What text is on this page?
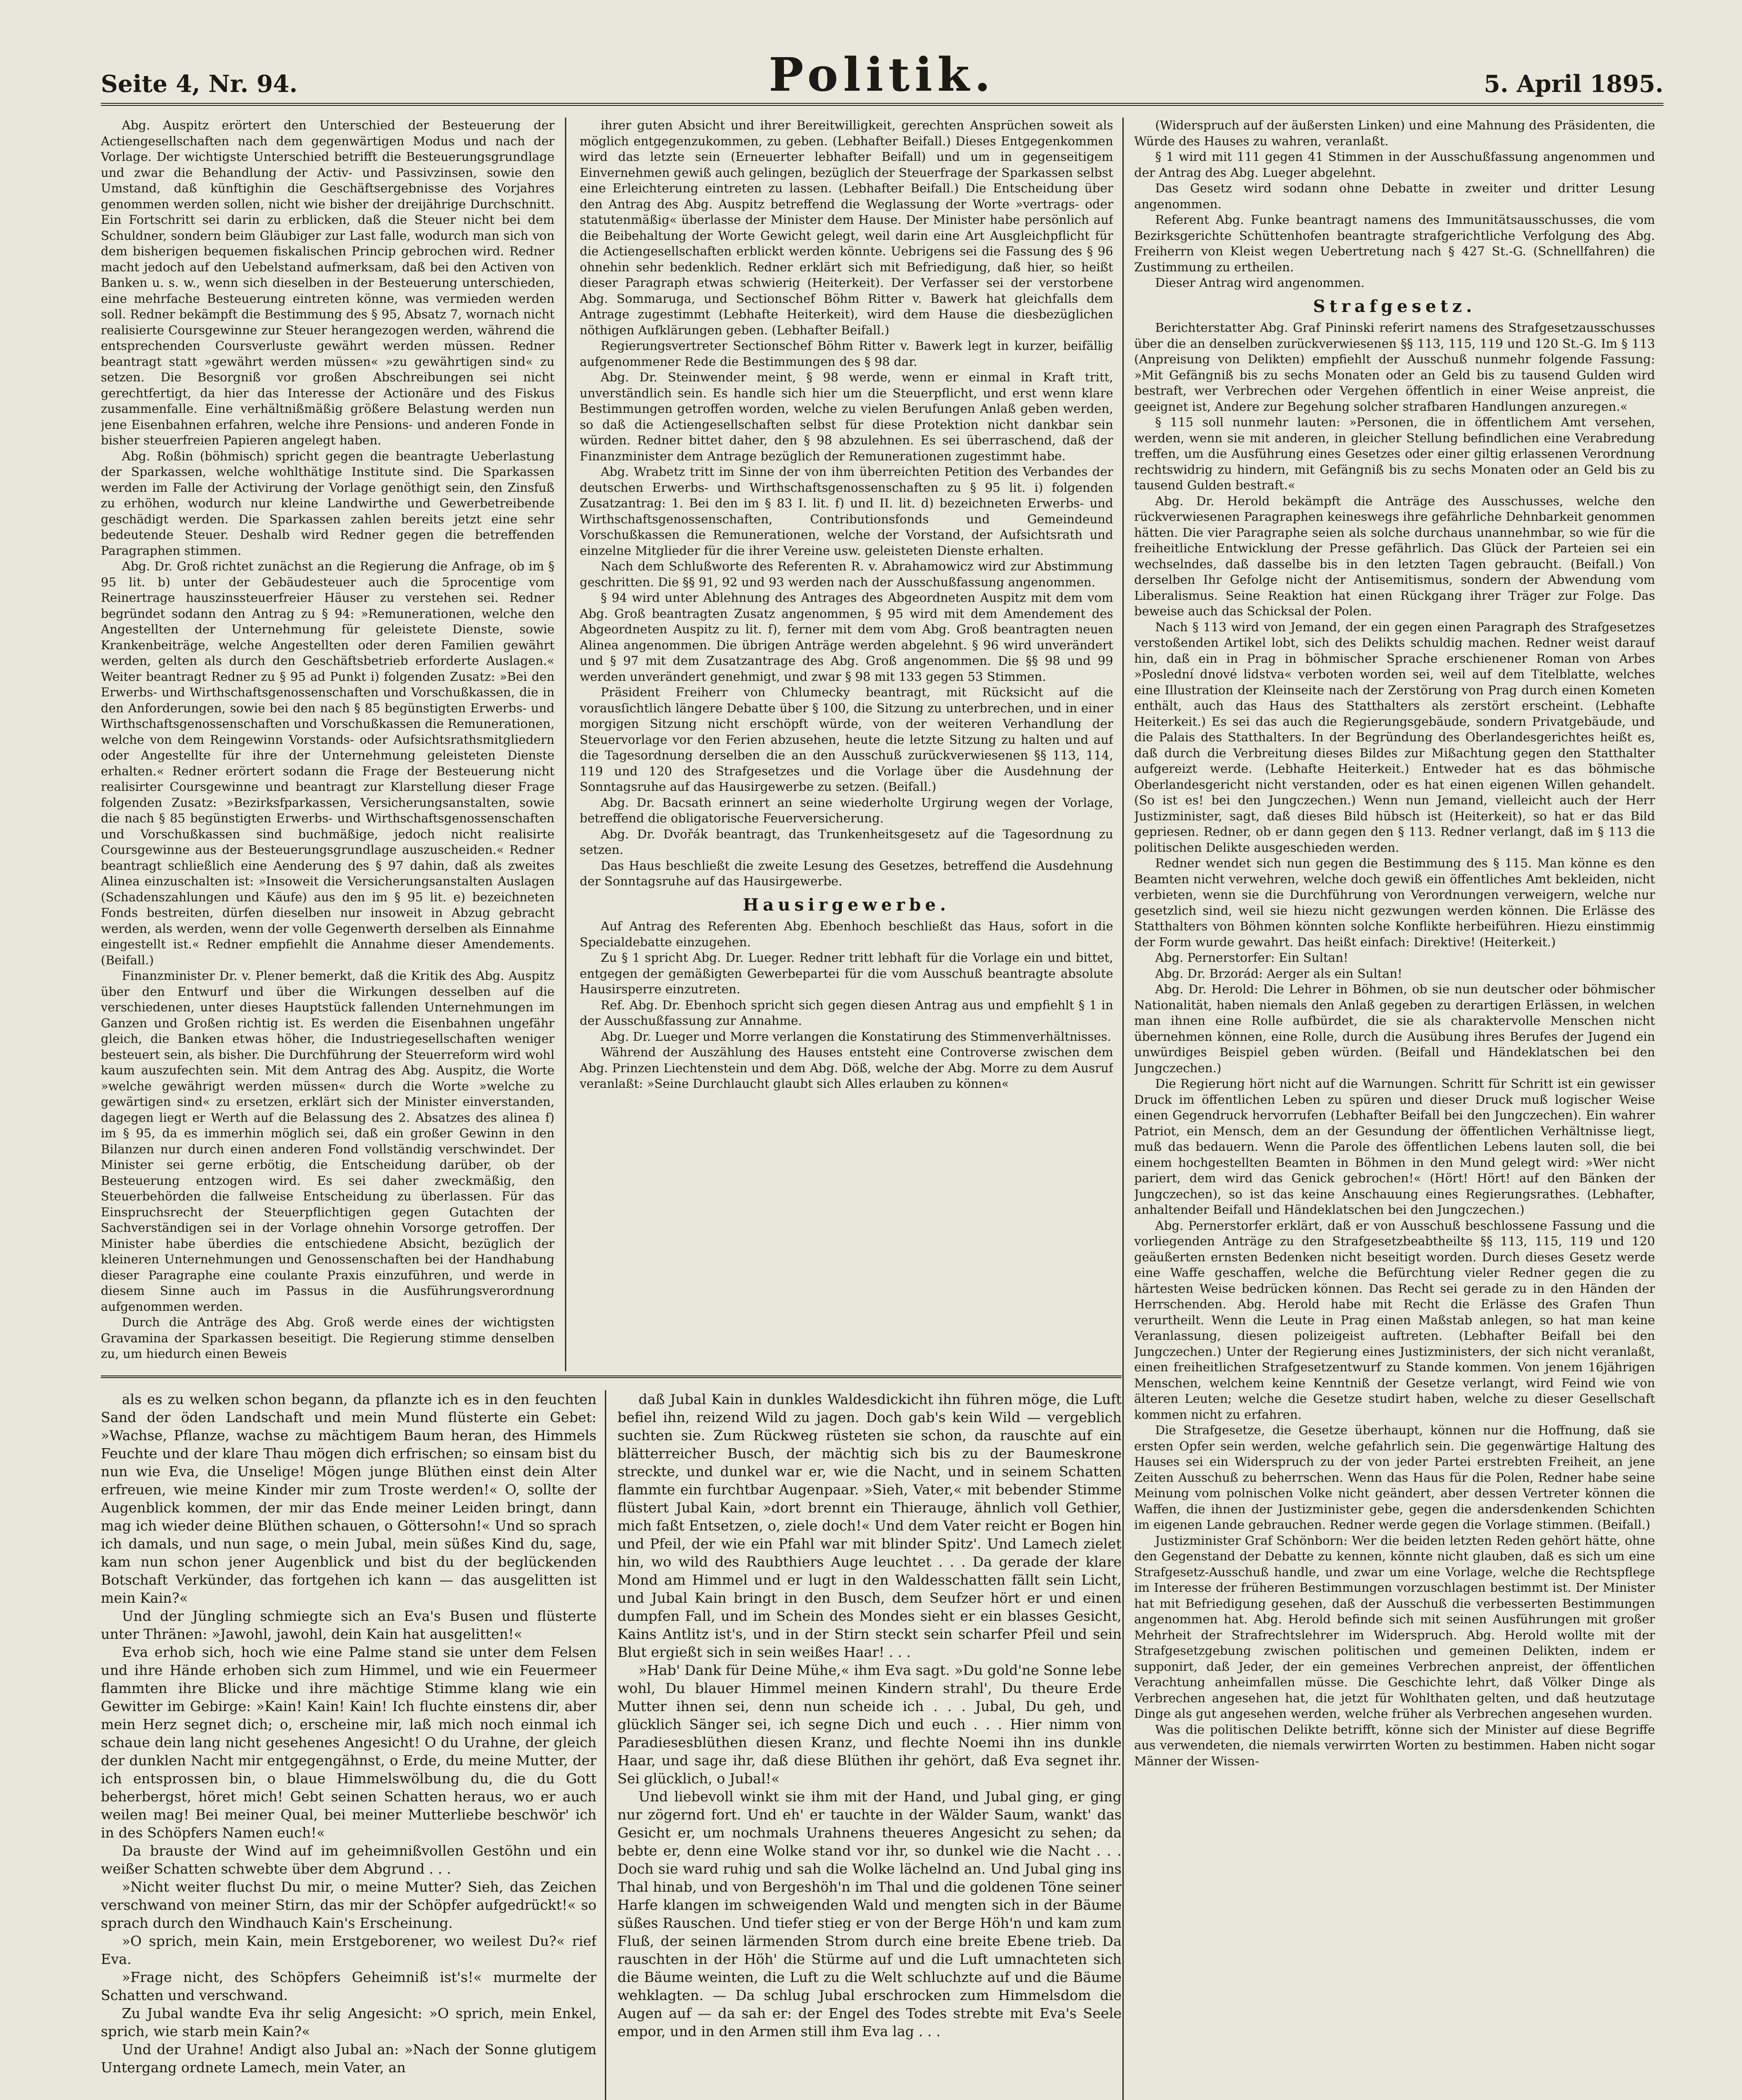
Seite 4, Nr. 94.	Politik.	5. April 1895.

Abg. Auspitz erörtert den Unterschied der Besteuerung der Actiengesellschaften nach dem gegenwärtigen Modus und nach der Vorlage. Der wichtigste Unterschied betrifft die Besteuerungsgrundlage und zwar die Behandlung der Activ- und Passivzinsen, sowie den Umstand, daß künftighin die Geschäftsergebnisse des Vorjahres genommen werden sollen, nicht wie bisher der dreijährige Durchschnitt. Ein Fortschritt sei darin zu erblicken, daß die Steuer nicht bei dem Schuldner, sondern beim Gläubiger zur Last falle, wodurch man sich von dem bisherigen bequemen fiskalischen Princip gebrochen wird. Redner macht jedoch auf den Uebelstand aufmerksam, daß bei den Activen von Banken u. s. w., wenn sich dieselben in der Besteuerung unterschieden, eine mehrfache Besteuerung eintreten könne, was vermieden werden soll. Redner bekämpft die Bestimmung des § 95, Absatz 7, wornach nicht realisierte Coursgewinne zur Steuer herangezogen werden, während die entsprechenden Coursverluste gewährt werden müssen. Redner beantragt statt »gewährt werden müssen« »zu gewährtigen sind« zu setzen. Die Besorgniß vor großen Abschreibungen sei nicht gerechtfertigt, da hier das Interesse der Actionäre und des Fiskus zusammenfalle. Eine verhältnißmäßig größere Belastung werden nun jene Eisenbahnen erfahren, welche ihre Pensions- und anderen Fonde in bisher steuerfreien Papieren angelegt haben.

Abg. Roßin (böhmisch) spricht gegen die beantragte Ueberlastung der Sparkassen, welche wohlthätige Institute sind. Die Sparkassen werden im Falle der Activirung der Vorlage genöthigt sein, den Zinsfuß zu erhöhen, wodurch nur kleine Landwirthe und Gewerbetreibende geschädigt werden. Die Sparkassen zahlen bereits jetzt eine sehr bedeutende Steuer. Deshalb wird Redner gegen die betreffenden Paragraphen stimmen.

Abg. Dr. Groß richtet zunächst an die Regierung die Anfrage, ob im § 95 lit. b) unter der Gebäudesteuer auch die 5procentige vom Reinertrage hauszinssteuerfreier Häuser zu verstehen sei. Redner begründet sodann den Antrag zu § 94: »Remunerationen, welche den Angestellten der Unternehmung für geleistete Dienste, sowie Krankenbeiträge, welche Angestellten oder deren Familien gewährt werden, gelten als durch den Geschäftsbetrieb erforderte Auslagen.« Weiter beantragt Redner zu § 95 ad Punkt i) folgenden Zusatz: »Bei den Erwerbs- und Wirthschaftsgenossenschaften und Vorschußkassen, die in den Anforderungen, sowie bei den nach § 85 begünstigten Erwerbs- und Wirthschaftsgenossenschaften und Vorschußkassen die Remunerationen, welche von dem Reingewinn Vorstands- oder Aufsichtsrathsmitgliedern oder Angestellte für ihre der Unternehmung geleisteten Dienste erhalten.« Redner erörtert sodann die Frage der Besteuerung nicht realisirter Coursgewinne und beantragt zur Klarstellung dieser Frage folgenden Zusatz: »Bezirksfparkassen, Versicherungsanstalten, sowie die nach § 85 begünstigten Erwerbs- und Wirthschaftsgenossenschaften und Vorschußkassen sind buchmäßige, jedoch nicht realisirte Coursgewinne aus der Besteuerungsgrundlage auszuscheiden.« Redner beantragt schließlich eine Aenderung des § 97 dahin, daß als zweites Alinea einzuschalten ist: »Insoweit die Versicherungsanstalten Auslagen (Schadenszahlungen und Käufe) aus den im § 95 lit. e) bezeichneten Fonds bestreiten, dürfen dieselben nur insoweit in Abzug gebracht werden, als werden, wenn der volle Gegenwerth derselben als Einnahme eingestellt ist.« Redner empfiehlt die Annahme dieser Amendements. (Beifall.)

Finanzminister Dr. v. Plener bemerkt, daß die Kritik des Abg. Auspitz über den Entwurf und über die Wirkungen desselben auf die verschiedenen, unter dieses Hauptstück fallenden Unternehmungen im Ganzen und Großen richtig ist. Es werden die Eisenbahnen ungefähr gleich, die Banken etwas höher, die Industriegesellschaften weniger besteuert sein, als bisher. Die Durchführung der Steuerreform wird wohl kaum auszufechten sein. Mit dem Antrag des Abg. Auspitz, die Worte »welche gewährigt werden müssen« durch die Worte »welche zu gewärtigen sind« zu ersetzen, erklärt sich der Minister einverstanden, dagegen liegt er Werth auf die Belassung des 2. Absatzes des alinea f) im § 95, da es immerhin möglich sei, daß ein großer Gewinn in den Bilanzen nur durch einen anderen Fond vollständig verschwindet. Der Minister sei gerne erbötig, die Entscheidung darüber, ob der Besteuerung entzogen wird. Es sei daher zweckmäßig, den Steuerbehörden die fallweise Entscheidung zu überlassen. Für das Einspruchsrecht der Steuerpflichtigen gegen Gutachten der Sachverständigen sei in der Vorlage ohnehin Vorsorge getroffen. Der Minister habe überdies die entschiedene Absicht, bezüglich der kleineren Unternehmungen und Genossenschaften bei der Handhabung dieser Paragraphe eine coulante Praxis einzuführen, und werde in diesem Sinne auch im Passus in die Ausführungsverordnung aufgenommen werden.

Durch die Anträge des Abg. Groß werde eines der wichtigsten Gravamina der Sparkassen beseitigt. Die Regierung stimme denselben zu, um hiedurch einen Beweis

ihrer guten Absicht und ihrer Bereitwilligkeit, gerechten Ansprüchen soweit als möglich entgegenzukommen, zu geben. (Lebhafter Beifall.) Dieses Entgegenkommen wird das letzte sein (Erneuerter lebhafter Beifall) und um in gegenseitigem Einvernehmen gewiß auch gelingen, bezüglich der Steuerfrage der Sparkassen selbst eine Erleichterung eintreten zu lassen. (Lebhafter Beifall.) Die Entscheidung über den Antrag des Abg. Auspitz betreffend die Weglassung der Worte »vertrags- oder statutenmäßig« überlasse der Minister dem Hause. Der Minister habe persönlich auf die Beibehaltung der Worte Gewicht gelegt, weil darin eine Art Ausgleichpflicht für die Actiengesellschaften erblickt werden könnte. Uebrigens sei die Fassung des § 96 ohnehin sehr bedenklich. Redner erklärt sich mit Befriedigung, daß hier, so heißt dieser Paragraph etwas schwierig (Heiterkeit). Der Verfasser sei der verstorbene Abg. Sommaruga, und Sectionschef Böhm Ritter v. Bawerk hat gleichfalls dem Antrage zugestimmt (Lebhafte Heiterkeit), wird dem Hause die diesbezüglichen nöthigen Aufklärungen geben. (Lebhafter Beifall.)

Regierungsvertreter Sectionschef Böhm Ritter v. Bawerk legt in kurzer, beifällig aufgenommener Rede die Bestimmungen des § 98 dar.

Abg. Dr. Steinwender meint, § 98 werde, wenn er einmal in Kraft tritt, unverständlich sein. Es handle sich hier um die Steuerpflicht, und erst wenn klare Bestimmungen getroffen worden, welche zu vielen Berufungen Anlaß geben werden, so daß die Actiengesellschaften selbst für diese Protektion nicht dankbar sein würden. Redner bittet daher, den § 98 abzulehnen. Es sei überraschend, daß der Finanzminister dem Antrage bezüglich der Remunerationen zugestimmt habe.

Abg. Wrabetz tritt im Sinne der von ihm überreichten Petition des Verbandes der deutschen Erwerbs- und Wirthschaftsgenossenschaften zu § 95 lit. i) folgenden Zusatzantrag: 1. Bei den im § 83 I. lit. f) und II. lit. d) bezeichneten Erwerbs- und Wirthschaftsgenossenschaften, Contributionsfonds und Gemeindeund Vorschußkassen die Remunerationen, welche der Vorstand, der Aufsichtsrath und einzelne Mitglieder für die ihrer Vereine usw. geleisteten Dienste erhalten.

Nach dem Schlußworte des Referenten R. v. Abrahamowicz wird zur Abstimmung geschritten. Die §§ 91, 92 und 93 werden nach der Ausschußfassung angenommen.

§ 94 wird unter Ablehnung des Antrages des Abgeordneten Auspitz mit dem vom Abg. Groß beantragten Zusatz angenommen, § 95 wird mit dem Amendement des Abgeordneten Auspitz zu lit. f), ferner mit dem vom Abg. Groß beantragten neuen Alinea angenommen. Die übrigen Anträge werden abgelehnt. § 96 wird unverändert und § 97 mit dem Zusatzantrage des Abg. Groß angenommen. Die §§ 98 und 99 werden unverändert genehmigt, und zwar § 98 mit 133 gegen 53 Stimmen.

Präsident Freiherr von Chlumecky beantragt, mit Rücksicht auf die vorausſichtlich längere Debatte über § 100, die Sitzung zu unterbrechen, und in einer morgigen Sitzung nicht erschöpft würde, von der weiteren Verhandlung der Steuervorlage vor den Ferien abzusehen, heute die letzte Sitzung zu halten und auf die Tagesordnung derselben die an den Ausschuß zurückverwiesenen §§ 113, 114, 119 und 120 des Strafgesetzes und die Vorlage über die Ausdehnung der Sonntagsruhe auf das Hausirgewerbe zu setzen. (Beifall.)

Abg. Dr. Bacsath erinnert an seine wiederholte Urgirung wegen der Vorlage, betreffend die obligatorische Feuerversicherung.

Abg. Dr. Dvořák beantragt, das Trunkenheitsgesetz auf die Tagesordnung zu setzen.

Das Haus beschließt die zweite Lesung des Gesetzes, betreffend die Ausdehnung der Sonntagsruhe auf das Hausirgewerbe.

Hausirgewerbe.

Auf Antrag des Referenten Abg. Ebenhoch beschließt das Haus, sofort in die Specialdebatte einzugehen.

Zu § 1 spricht Abg. Dr. Lueger. Redner tritt lebhaft für die Vorlage ein und bittet, entgegen der gemäßigten Gewerbepartei für die vom Ausschuß beantragte absolute Hausirsperre einzutreten.

Ref. Abg. Dr. Ebenhoch spricht sich gegen diesen Antrag aus und empfiehlt § 1 in der Ausschußfassung zur Annahme.

Abg. Dr. Lueger und Morre verlangen die Konstatirung des Stimmenverhältnisses.

Während der Auszählung des Hauses entsteht eine Controverse zwischen dem Abg. Prinzen Liechtenstein und dem Abg. Döß, welche der Abg. Morre zu dem Ausruf veranlaßt: »Seine Durchlaucht glaubt sich Alles erlauben zu können«

(Widerspruch auf der äußersten Linken) und eine Mahnung des Präsidenten, die Würde des Hauses zu wahren, veranlaßt.

§ 1 wird mit 111 gegen 41 Stimmen in der Ausschußfassung angenommen und der Antrag des Abg. Lueger abgelehnt.

Das Gesetz wird sodann ohne Debatte in zweiter und dritter Lesung angenommen.

Referent Abg. Funke beantragt namens des Immunitätsausschusses, die vom Bezirksgerichte Schüttenhofen beantragte strafgerichtliche Verfolgung des Abg. Freiherrn von Kleist wegen Uebertretung nach § 427 St.-G. (Schnellfahren) die Zustimmung zu ertheilen.

Dieser Antrag wird angenommen.

Strafgesetz.

Berichterstatter Abg. Graf Pininski referirt namens des Strafgesetzausschusses über die an denselben zurückverwiesenen §§ 113, 115, 119 und 120 St.-G. Im § 113 (Anpreisung von Delikten) empfiehlt der Ausschuß nunmehr folgende Fassung: »Mit Gefängniß bis zu sechs Monaten oder an Geld bis zu tausend Gulden wird bestraft, wer Verbrechen oder Vergehen öffentlich in einer Weise anpreist, die geeignet ist, Andere zur Begehung solcher strafbaren Handlungen anzuregen.«

§ 115 soll nunmehr lauten: »Personen, die in öffentlichem Amt versehen, werden, wenn sie mit anderen, in gleicher Stellung befindlichen eine Verabredung treffen, um die Ausführung eines Gesetzes oder einer giltig erlassenen Verordnung rechtswidrig zu hindern, mit Gefängniß bis zu sechs Monaten oder an Geld bis zu tausend Gulden bestraft.«

Abg. Dr. Herold bekämpft die Anträge des Ausschusses, welche den rückverwiesenen Paragraphen keineswegs ihre gefährliche Dehnbarkeit genommen hätten. Die vier Paragraphe seien als solche durchaus unannehmbar, so wie für die freiheitliche Entwicklung der Presse gefährlich. Das Glück der Parteien sei ein wechselndes, daß dasselbe bis in den letzten Tagen gebraucht. (Beifall.) Von derselben Ihr Gefolge nicht der Antisemitismus, sondern der Abwendung vom Liberalismus. Seine Reaktion hat einen Rückgang ihrer Träger zur Folge. Das beweise auch das Schicksal der Polen.

Nach § 113 wird von Jemand, der ein gegen einen Paragraph des Strafgesetzes verstoßenden Artikel lobt, sich des Delikts schuldig machen. Redner weist darauf hin, daß ein in Prag in böhmischer Sprache erschienener Roman von Arbes »Poslední dnové lidstva« verboten worden sei, weil auf dem Titelblatte, welches eine Illustration der Kleinseite nach der Zerstörung von Prag durch einen Kometen enthält, auch das Haus des Statthalters als zerstört erscheint. (Lebhafte Heiterkeit.) Es sei das auch die Regierungsgebäude, sondern Privatgebäude, und die Palais des Statthalters. In der Begründung des Oberlandesgerichtes heißt es, daß durch die Verbreitung dieses Bildes zur Mißachtung gegen den Statthalter aufgereizt werde. (Lebhafte Heiterkeit.) Entweder hat es das böhmische Oberlandesgericht nicht verstanden, oder es hat einen eigenen Willen gehandelt. (So ist es! bei den Jungczechen.) Wenn nun Jemand, vielleicht auch der Herr Justizminister, sagt, daß dieses Bild hübsch ist (Heiterkeit), so hat er das Bild gepriesen. Redner, ob er dann gegen den § 113. Redner verlangt, daß im § 113 die politischen Delikte ausgeschieden werden.

Redner wendet sich nun gegen die Bestimmung des § 115. Man könne es den Beamten nicht verwehren, welche doch gewiß ein öffentliches Amt bekleiden, nicht verbieten, wenn sie die Durchführung von Verordnungen verweigern, welche nur gesetzlich sind, weil sie hiezu nicht gezwungen werden können. Die Erlässe des Statthalters von Böhmen könnten solche Konflikte herbeiführen. Hiezu einstimmig der Form wurde gewahrt. Das heißt einfach: Direktive! (Heiterkeit.)

Abg. Pernerstorfer: Ein Sultan!

Abg. Dr. Brzorád: Aerger als ein Sultan!

Abg. Dr. Herold: Die Lehrer in Böhmen, ob sie nun deutscher oder böhmischer Nationalität, haben niemals den Anlaß gegeben zu derartigen Erlässen, in welchen man ihnen eine Rolle aufbürdet, die sie als charaktervolle Menschen nicht übernehmen können, eine Rolle, durch die Ausübung ihres Berufes der Jugend ein unwürdiges Beispiel geben würden. (Beifall und Händeklatschen bei den Jungczechen.)

Die Regierung hört nicht auf die Warnungen. Schritt für Schritt ist ein gewisser Druck im öffentlichen Leben zu spüren und dieser Druck muß logischer Weise einen Gegendruck hervorrufen (Lebhafter Beifall bei den Jungczechen). Ein wahrer Patriot, ein Mensch, dem an der Gesundung der öffentlichen Verhältnisse liegt, muß das bedauern. Wenn die Parole des öffentlichen Lebens lauten soll, die bei einem hochgestellten Beamten in Böhmen in den Mund gelegt wird: »Wer nicht pariert, dem wird das Genick gebrochen!« (Hört! Hört! auf den Bänken der Jungczechen), so ist das keine Anschauung eines Regierungsrathes. (Lebhafter, anhaltender Beifall und Händeklatschen bei den Jungczechen.)

Abg. Pernerstorfer erklärt, daß er von Ausschuß beschlossene Fassung und die vorliegenden Anträge zu den Strafgesetzbeabtheilte §§ 113, 115, 119 und 120 geäußerten ernsten Bedenken nicht beseitigt worden. Durch dieses Gesetz werde eine Waffe geschaffen, welche die Befürchtung vieler Redner gegen die zu härtesten Weise bedrücken können. Das Recht sei gerade zu in den Händen der Herrschenden. Abg. Herold habe mit Recht die Erlässe des Grafen Thun verurtheilt. Wenn die Leute in Prag einen Maßstab anlegen, so hat man keine Veranlassung, diesen polizeigeist auftreten. (Lebhafter Beifall bei den Jungczechen.) Unter der Regierung eines Justizministers, der sich nicht veranlaßt, einen freiheitlichen Strafgesetzentwurf zu Stande kommen. Von jenem 16jährigen Menschen, welchem keine Kenntniß der Gesetze verlangt, wird Feind wie von älteren Leuten; welche die Gesetze studirt haben, welche zu dieser Gesellschaft kommen nicht zu erfahren.

Die Strafgesetze, die Gesetze überhaupt, können nur die Hoffnung, daß sie ersten Opfer sein werden, welche gefahrlich sein. Die gegenwärtige Haltung des Hauses sei ein Widerspruch zu der von jeder Partei erstrebten Freiheit, an jene Zeiten Ausschuß zu beherrschen. Wenn das Haus für die Polen, Redner habe seine Meinung vom polnischen Volke nicht geändert, aber dessen Vertreter können die Waffen, die ihnen der Justizminister gebe, gegen die andersdenkenden Schichten im eigenen Lande gebrauchen. Redner werde gegen die Vorlage stimmen. (Beifall.)

Justizminister Graf Schönborn: Wer die beiden letzten Reden gehört hätte, ohne den Gegenstand der Debatte zu kennen, könnte nicht glauben, daß es sich um eine Strafgesetz-Ausschuß handle, und zwar um eine Vorlage, welche die Rechtspflege im Interesse der früheren Bestimmungen vorzuschlagen bestimmt ist. Der Minister hat mit Befriedigung gesehen, daß der Ausschuß die verbesserten Bestimmungen angenommen hat. Abg. Herold befinde sich mit seinen Ausführungen mit großer Mehrheit der Strafrechtslehrer im Widerspruch. Abg. Herold wollte mit der Strafgesetzgebung zwischen politischen und gemeinen Delikten, indem er supponirt, daß Jeder, der ein gemeines Verbrechen anpreist, der öffentlichen Verachtung anheimfallen müsse. Die Geschichte lehrt, daß Völker Dinge als Verbrechen angesehen hat, die jetzt für Wohlthaten gelten, und daß heutzutage Dinge als gut angesehen werden, welche früher als Verbrechen angesehen wurden.

Was die politischen Delikte betrifft, könne sich der Minister auf diese Begriffe aus verwendeten, die niemals verwirrten Worten zu bestimmen. Haben nicht sogar Männer der Wissen-

als es zu welken schon begann, da pflanzte ich es in den feuchten Sand der öden Landschaft und mein Mund flüsterte ein Gebet: »Wachse, Pflanze, wachse zu mächtigem Baum heran, des Himmels Feuchte und der klare Thau mögen dich erfrischen; so einsam bist du nun wie Eva, die Unselige! Mögen junge Blüthen einst dein Alter erfreuen, wie meine Kinder mir zum Troste werden!« O, sollte der Augenblick kommen, der mir das Ende meiner Leiden bringt, dann mag ich wieder deine Blüthen schauen, o Göttersohn!« Und so sprach ich damals, und nun sage, o mein Jubal, mein süßes Kind du, sage, kam nun schon jener Augenblick und bist du der beglückenden Botschaft Verkünder, das fortgehen ich kann — das ausgelitten ist mein Kain?«

Und der Jüngling schmiegte sich an Eva's Busen und flüsterte unter Thränen: »Jawohl, jawohl, dein Kain hat ausgelitten!«

Eva erhob sich, hoch wie eine Palme stand sie unter dem Felsen und ihre Hände erhoben sich zum Himmel, und wie ein Feuermeer flammten ihre Blicke und ihre mächtige Stimme klang wie ein Gewitter im Gebirge: »Kain! Kain! Kain! Ich fluchte einstens dir, aber mein Herz segnet dich; o, erscheine mir, laß mich noch einmal ich schaue dein lang nicht gesehenes Angesicht! O du Urahne, der gleich der dunklen Nacht mir entgegengähnst, o Erde, du meine Mutter, der ich entsprossen bin, o blaue Himmelswölbung du, die du Gott beherbergst, höret mich! Gebt seinen Schatten heraus, wo er auch weilen mag! Bei meiner Qual, bei meiner Mutterliebe beschwör' ich in des Schöpfers Namen euch!«

Da brauste der Wind auf im geheimnißvollen Gestöhn und ein weißer Schatten schwebte über dem Abgrund . . .

»Nicht weiter fluchst Du mir, o meine Mutter? Sieh, das Zeichen verschwand von meiner Stirn, das mir der Schöpfer aufgedrückt!« so sprach durch den Windhauch Kain's Erscheinung.

»O sprich, mein Kain, mein Erstgeborener, wo weilest Du?« rief Eva.

»Frage nicht, des Schöpfers Geheimniß ist's!« murmelte der Schatten und verschwand.

Zu Jubal wandte Eva ihr selig Angesicht: »O sprich, mein Enkel, sprich, wie starb mein Kain?«

Und der Urahne! Andigt also Jubal an: »Nach der Sonne glutigem Untergang ordnete Lamech, mein Vater, an

daß Jubal Kain in dunkles Waldesdickicht ihn führen möge, die Luft befiel ihn, reizend Wild zu jagen. Doch gab's kein Wild — vergeblich suchten sie. Zum Rückweg rüsteten sie schon, da rauschte auf ein blätterreicher Busch, der mächtig sich bis zu der Baumeskrone streckte, und dunkel war er, wie die Nacht, und in seinem Schatten flammte ein furchtbar Augenpaar. »Sieh, Vater,« mit bebender Stimme flüstert Jubal Kain, »dort brennt ein Thierauge, ähnlich voll Gethier, mich faßt Entsetzen, o, ziele doch!« Und dem Vater reicht er Bogen hin und Pfeil, der wie ein Pfahl war mit blinder Spitz'. Und Lamech zielet hin, wo wild des Raubthiers Auge leuchtet . . . Da gerade der klare Mond am Himmel und er lugt in den Waldesschatten fällt sein Licht, und Jubal Kain bringt in den Busch, dem Seufzer hört er und einen dumpfen Fall, und im Schein des Mondes sieht er ein blasses Gesicht, Kains Antlitz ist's, und in der Stirn steckt sein scharfer Pfeil und sein Blut ergießt sich in sein weißes Haar! . . .

»Hab' Dank für Deine Mühe,« ihm Eva sagt. »Du gold'ne Sonne lebe wohl, Du blauer Himmel meinen Kindern strahl', Du theure Erde Mutter ihnen sei, denn nun scheide ich . . . Jubal, Du geh, und glücklich Sänger sei, ich segne Dich und euch . . . Hier nimm von Paradiesesblüthen diesen Kranz, und flechte Noemi ihn ins dunkle Haar, und sage ihr, daß diese Blüthen ihr gehört, daß Eva segnet ihr. Sei glücklich, o Jubal!«

Und liebevoll winkt sie ihm mit der Hand, und Jubal ging, er ging nur zögernd fort. Und eh' er tauchte in der Wälder Saum, wankt' das Gesicht er, um nochmals Urahnens theueres Angesicht zu sehen; da bebte er, denn eine Wolke stand vor ihr, so dunkel wie die Nacht . . . Doch sie ward ruhig und sah die Wolke lächelnd an. Und Jubal ging ins Thal hinab, und von Bergeshöh'n im Thal und die goldenen Töne seiner Harfe klangen im schweigenden Wald und mengten sich in der Bäume süßes Rauschen. Und tiefer stieg er von der Berge Höh'n und kam zum Fluß, der seinen lärmenden Strom durch eine breite Ebene trieb. Da rauschten in der Höh' die Stürme auf und die Luft umnachteten sich die Bäume weinten, die Luft zu die Welt schluchzte auf und die Bäume wehklagten. — Da schlug Jubal erschrocken zum Himmelsdom die Augen auf — da sah er: der Engel des Todes strebte mit Eva's Seele empor, und in den Armen still ihm Eva lag . . .
